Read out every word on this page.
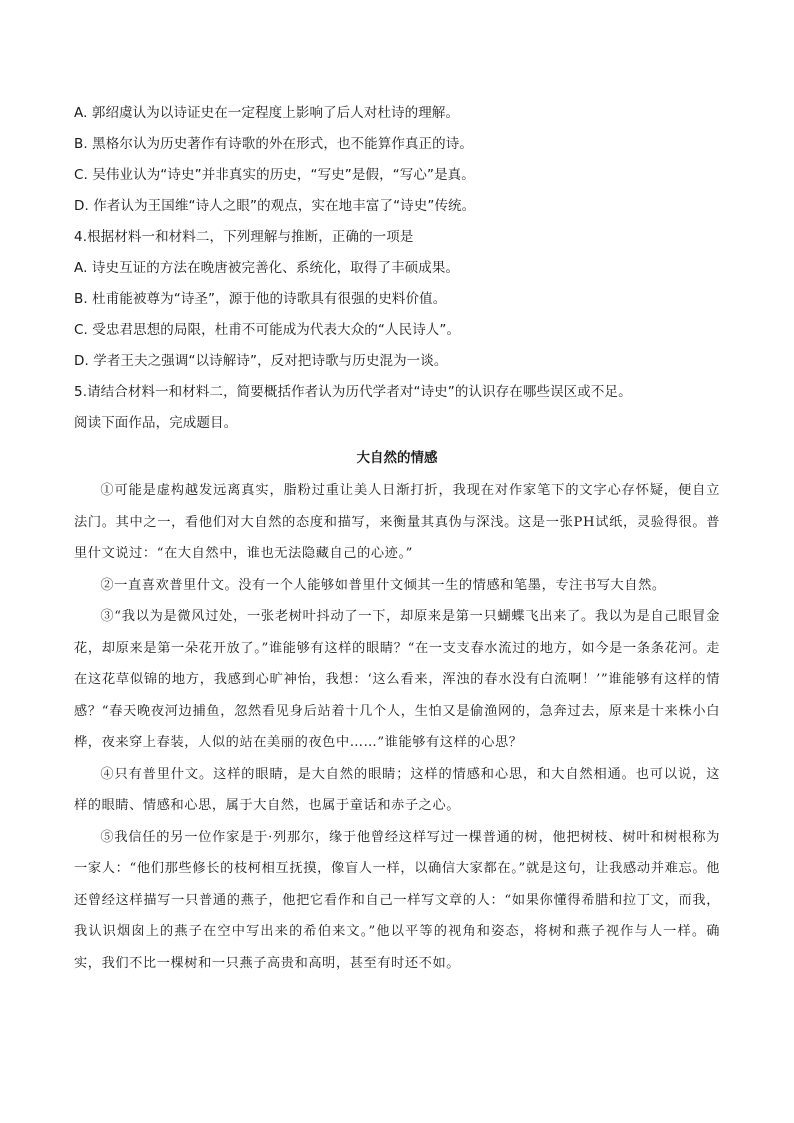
A. 郭绍虞认为以诗证史在一定程度上影响了后人对杜诗的理解。
B. 黑格尔认为历史著作有诗歌的外在形式，也不能算作真正的诗。
C. 吴伟业认为“诗史”并非真实的历史，“写史”是假，“写心”是真。
D. 作者认为王国维“诗人之眼”的观点，实在地丰富了“诗史”传统。
4.根据材料一和材料二，下列理解与推断，正确的一项是
A. 诗史互证的方法在晚唐被完善化、系统化，取得了丰硕成果。
B. 杜甫能被尊为“诗圣”，源于他的诗歌具有很强的史料价值。
C. 受忠君思想的局限，杜甫不可能成为代表大众的“人民诗人”。
D. 学者王夫之强调“以诗解诗”，反对把诗歌与历史混为一谈。
5.请结合材料一和材料二，简要概括作者认为历代学者对“诗史”的认识存在哪些误区或不足。
阅读下面作品，完成题目。
大自然的情感

①可能是虚构越发远离真实，脂粉过重让美人日渐打折，我现在对作家笔下的文字心存怀疑，便自立法门。其中之一，看他们对大自然的态度和描写，来衡量其真伪与深浅。这是一张PH试纸，灵验得很。普里什文说过：“在大自然中，谁也无法隐藏自己的心迹。”

②一直喜欢普里什文。没有一个人能够如普里什文倾其一生的情感和笔墨，专注书写大自然。

③“我以为是微风过处，一张老树叶抖动了一下，却原来是第一只蝴蝶飞出来了。我以为是自己眼冒金花，却原来是第一朵花开放了。”谁能够有这样的眼睛？“在一支支春水流过的地方，如今是一条条花河。走在这花草似锦的地方，我感到心旷神怡，我想：‘这么看来，浑浊的春水没有白流啊！’”谁能够有这样的情感？“春天晚夜河边捕鱼，忽然看见身后站着十几个人，生怕又是偷渔网的，急奔过去，原来是十来株小白桦，夜来穿上春装，人似的站在美丽的夜色中……”谁能够有这样的心思？

④只有普里什文。这样的眼睛，是大自然的眼睛；这样的情感和心思，和大自然相通。也可以说，这样的眼睛、情感和心思，属于大自然，也属于童话和赤子之心。

⑤我信任的另一位作家是于·列那尔，缘于他曾经这样写过一棵普通的树，他把树枝、树叶和树根称为一家人：“他们那些修长的枝柯相互抚摸，像盲人一样，以确信大家都在。”就是这句，让我感动并难忘。他还曾经这样描写一只普通的燕子，他把它看作和自己一样写文章的人：“如果你懂得希腊和拉丁文，而我，我认识烟囱上的燕子在空中写出来的希伯来文。”他以平等的视角和姿态，将树和燕子视作与人一样。确实，我们不比一棵树和一只燕子高贵和高明，甚至有时还不如。
